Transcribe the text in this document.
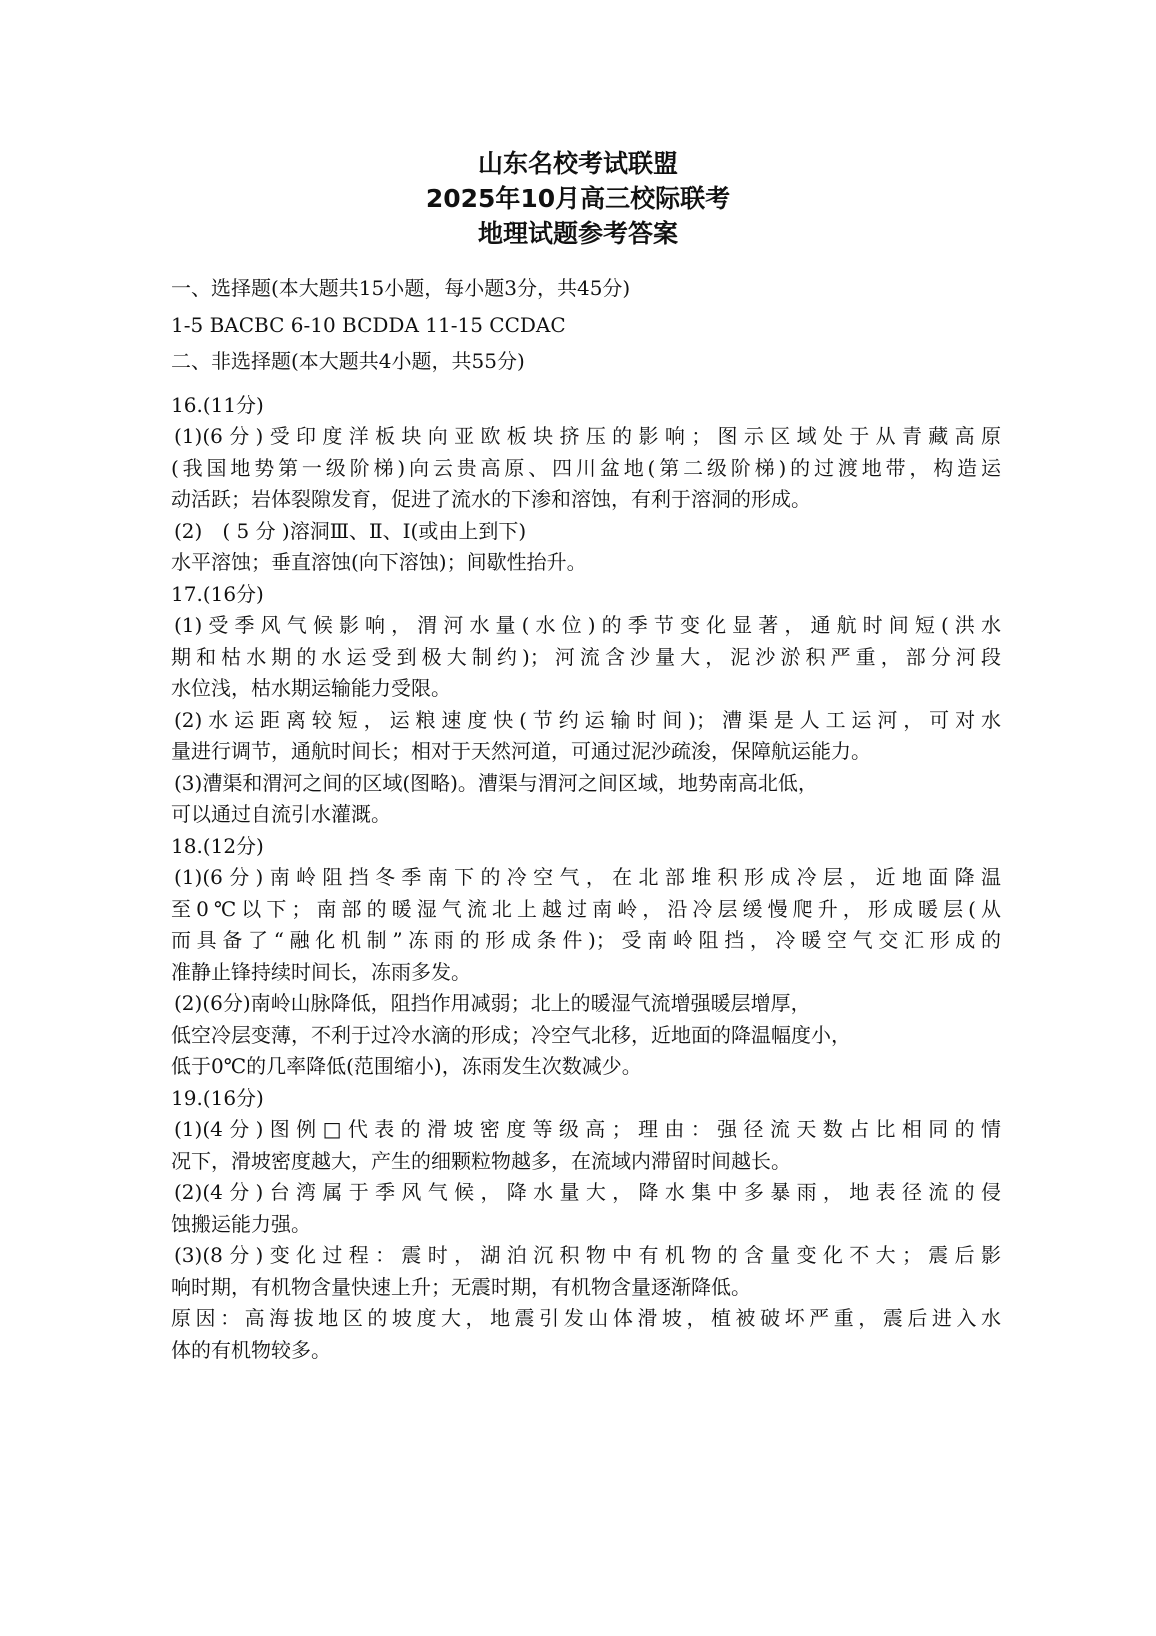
山东名校考试联盟
2025年10月高三校际联考
地理试题参考答案
一、选择题(本大题共15小题，每小题3分，共45分)
1-5 BACBC 6-10 BCDDA 11-15 CCDAC
二、非选择题(本大题共4小题，共55分)
16.(11分)
(1)(6分)受印度洋板块向亚欧板块挤压的影响；图示区域处于从青藏高原
(我国地势第一级阶梯)向云贵高原、四川盆地(第二级阶梯)的过渡地带，构造运
动活跃；岩体裂隙发育，促进了流水的下渗和溶蚀，有利于溶洞的形成。
(2)　( 5 分 )溶洞Ⅲ、Ⅱ、Ⅰ(或由上到下)
水平溶蚀；垂直溶蚀(向下溶蚀)；间歇性抬升。
17.(16分)
(1)受季风气候影响，渭河水量(水位)的季节变化显著，通航时间短(洪水
期和枯水期的水运受到极大制约)；河流含沙量大，泥沙淤积严重，部分河段
水位浅，枯水期运输能力受限。
(2)水运距离较短，运粮速度快(节约运输时间)；漕渠是人工运河，可对水
量进行调节，通航时间长；相对于天然河道，可通过泥沙疏浚，保障航运能力。
(3)漕渠和渭河之间的区域(图略)。漕渠与渭河之间区域，地势南高北低，
可以通过自流引水灌溉。
18.(12分)
(1)(6分)南岭阻挡冬季南下的冷空气，在北部堆积形成冷层，近地面降温
至0℃以下；南部的暖湿气流北上越过南岭，沿冷层缓慢爬升，形成暖层(从
而具备了“融化机制”冻雨的形成条件)；受南岭阻挡，冷暖空气交汇形成的
准静止锋持续时间长，冻雨多发。
(2)(6分)南岭山脉降低，阻挡作用减弱；北上的暖湿气流增强暖层增厚，
低空冷层变薄，不利于过冷水滴的形成；冷空气北移，近地面的降温幅度小，
低于0℃的几率降低(范围缩小)，冻雨发生次数减少。
19.(16分)
(1)(4分)图例□代表的滑坡密度等级高；理由：强径流天数占比相同的情
况下，滑坡密度越大，产生的细颗粒物越多，在流域内滞留时间越长。
(2)(4分)台湾属于季风气候，降水量大，降水集中多暴雨，地表径流的侵
蚀搬运能力强。
(3)(8分)变化过程：震时，湖泊沉积物中有机物的含量变化不大；震后影
响时期，有机物含量快速上升；无震时期，有机物含量逐渐降低。
原因：高海拔地区的坡度大，地震引发山体滑坡，植被破坏严重，震后进入水
体的有机物较多。
